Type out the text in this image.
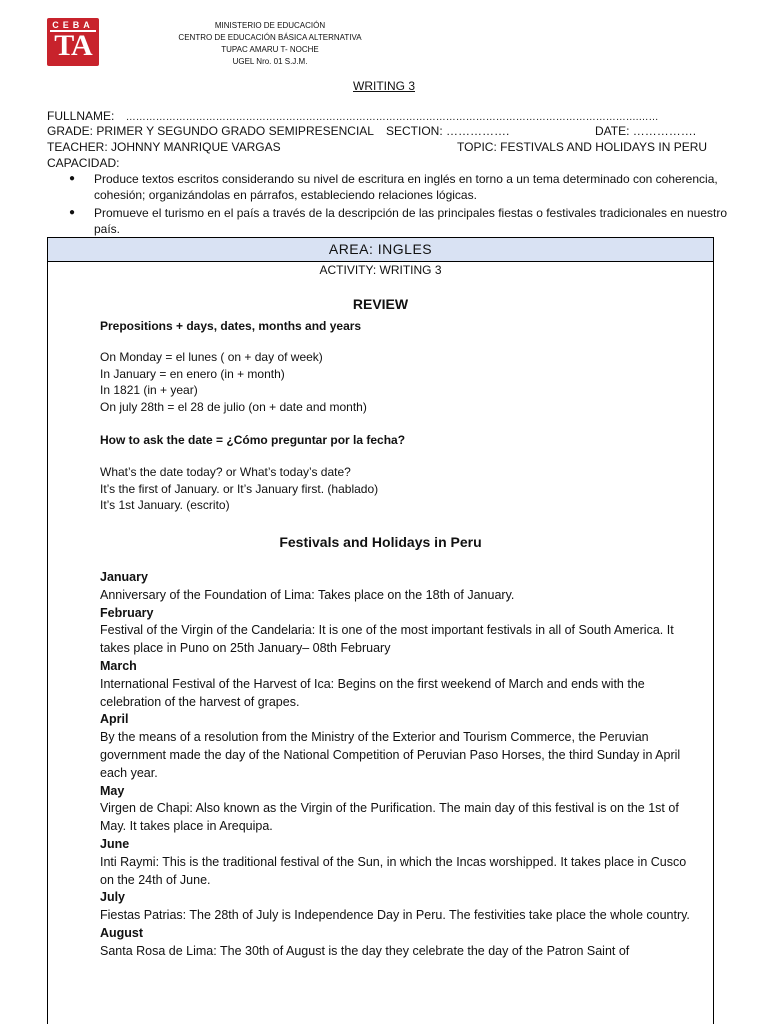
CEBA
TA
MINISTERIO DE EDUCACIÓN
CENTRO DE EDUCACIÓN BÁSICA ALTERNATIVA
TUPAC AMARU T- NOCHE
UGEL Nro. 01 S.J.M.
WRITING 3
FULLNAME: ……………………………………………………………………………………………………………………………………….……
GRADE: PRIMER Y SEGUNDO GRADO SEMIPRESENCIAL SECTION: …………….	DATE: …………….
TEACHER: JOHNNY MANRIQUE VARGAS	TOPIC: FESTIVALS AND HOLIDAYS IN PERU
CAPACIDAD:
● Produce textos escritos considerando su nivel de escritura en inglés en torno a un tema determinado con coherencia, cohesión; organizándolas en párrafos, estableciendo relaciones lógicas.
● Promueve el turismo en el país a través de la descripción de las principales fiestas o festivales tradicionales en nuestro país.
AREA: INGLES
ACTIVITY: WRITING 3
REVIEW
Prepositions + days, dates, months and years
On Monday = el lunes ( on + day of week)
In January = en enero (in + month)
In 1821 (in + year)
On july 28th = el 28 de julio (on + date and month)
How to ask the date = ¿Cómo preguntar por la fecha?
What’s the date today? or What’s today’s date?
It’s the first of January. or It’s January first. (hablado)
It’s 1st January. (escrito)
Festivals and Holidays in Peru
January
Anniversary of the Foundation of Lima: Takes place on the 18th of January.
February
Festival of the Virgin of the Candelaria: It is one of the most important festivals in all of South America. It takes place in Puno on 25th January– 08th February
March
International Festival of the Harvest of Ica: Begins on the first weekend of March and ends with the celebration of the harvest of grapes.
April
By the means of a resolution from the Ministry of the Exterior and Tourism Commerce, the Peruvian government made the day of the National Competition of Peruvian Paso Horses, the third Sunday in April each year.
May
Virgen de Chapi: Also known as the Virgin of the Purification. The main day of this festival is on the 1st of May. It takes place in Arequipa.
June
Inti Raymi: This is the traditional festival of the Sun, in which the Incas worshipped. It takes place in Cusco on the 24th of June.
July
Fiestas Patrias: The 28th of July is Independence Day in Peru. The festivities take place the whole country.
August
Santa Rosa de Lima: The 30th of August is the day they celebrate the day of the Patron Saint of
